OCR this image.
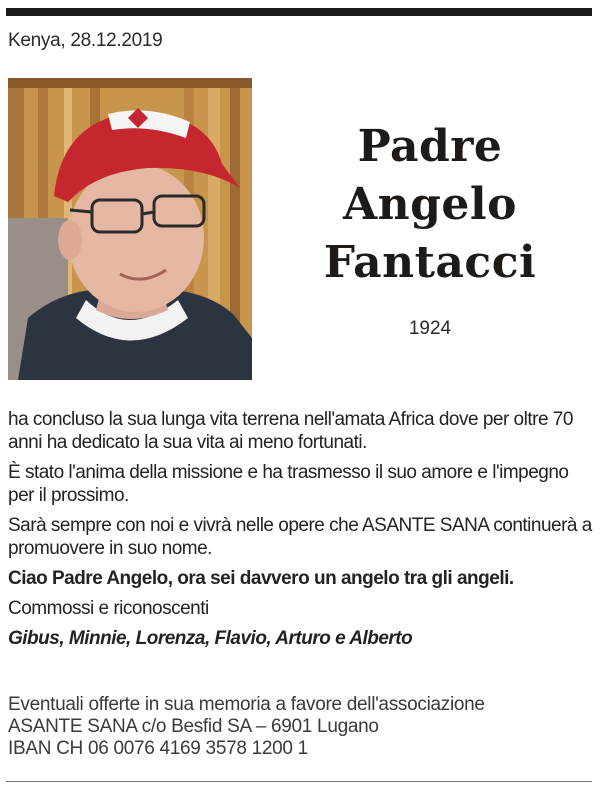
Kenya, 28.12.2019
Padre
Angelo
Fantacci
1924

ha concluso la sua lunga vita terrena nell'amata Africa dove per oltre 70 anni ha dedicato la sua vita ai meno fortunati.

È stato l'anima della missione e ha trasmesso il suo amore e l'impegno per il prossimo.

Sarà sempre con noi e vivrà nelle opere che ASANTE SANA continuerà a promuovere in suo nome.

Ciao Padre Angelo, ora sei davvero un angelo tra gli angeli.

Commossi e riconoscenti

Gibus, Minnie, Lorenza, Flavio, Arturo e Alberto

Eventuali offerte in sua memoria a favore dell'associazione
ASANTE SANA c/o Besfid SA – 6901 Lugano
IBAN CH 06 0076 4169 3578 1200 1
